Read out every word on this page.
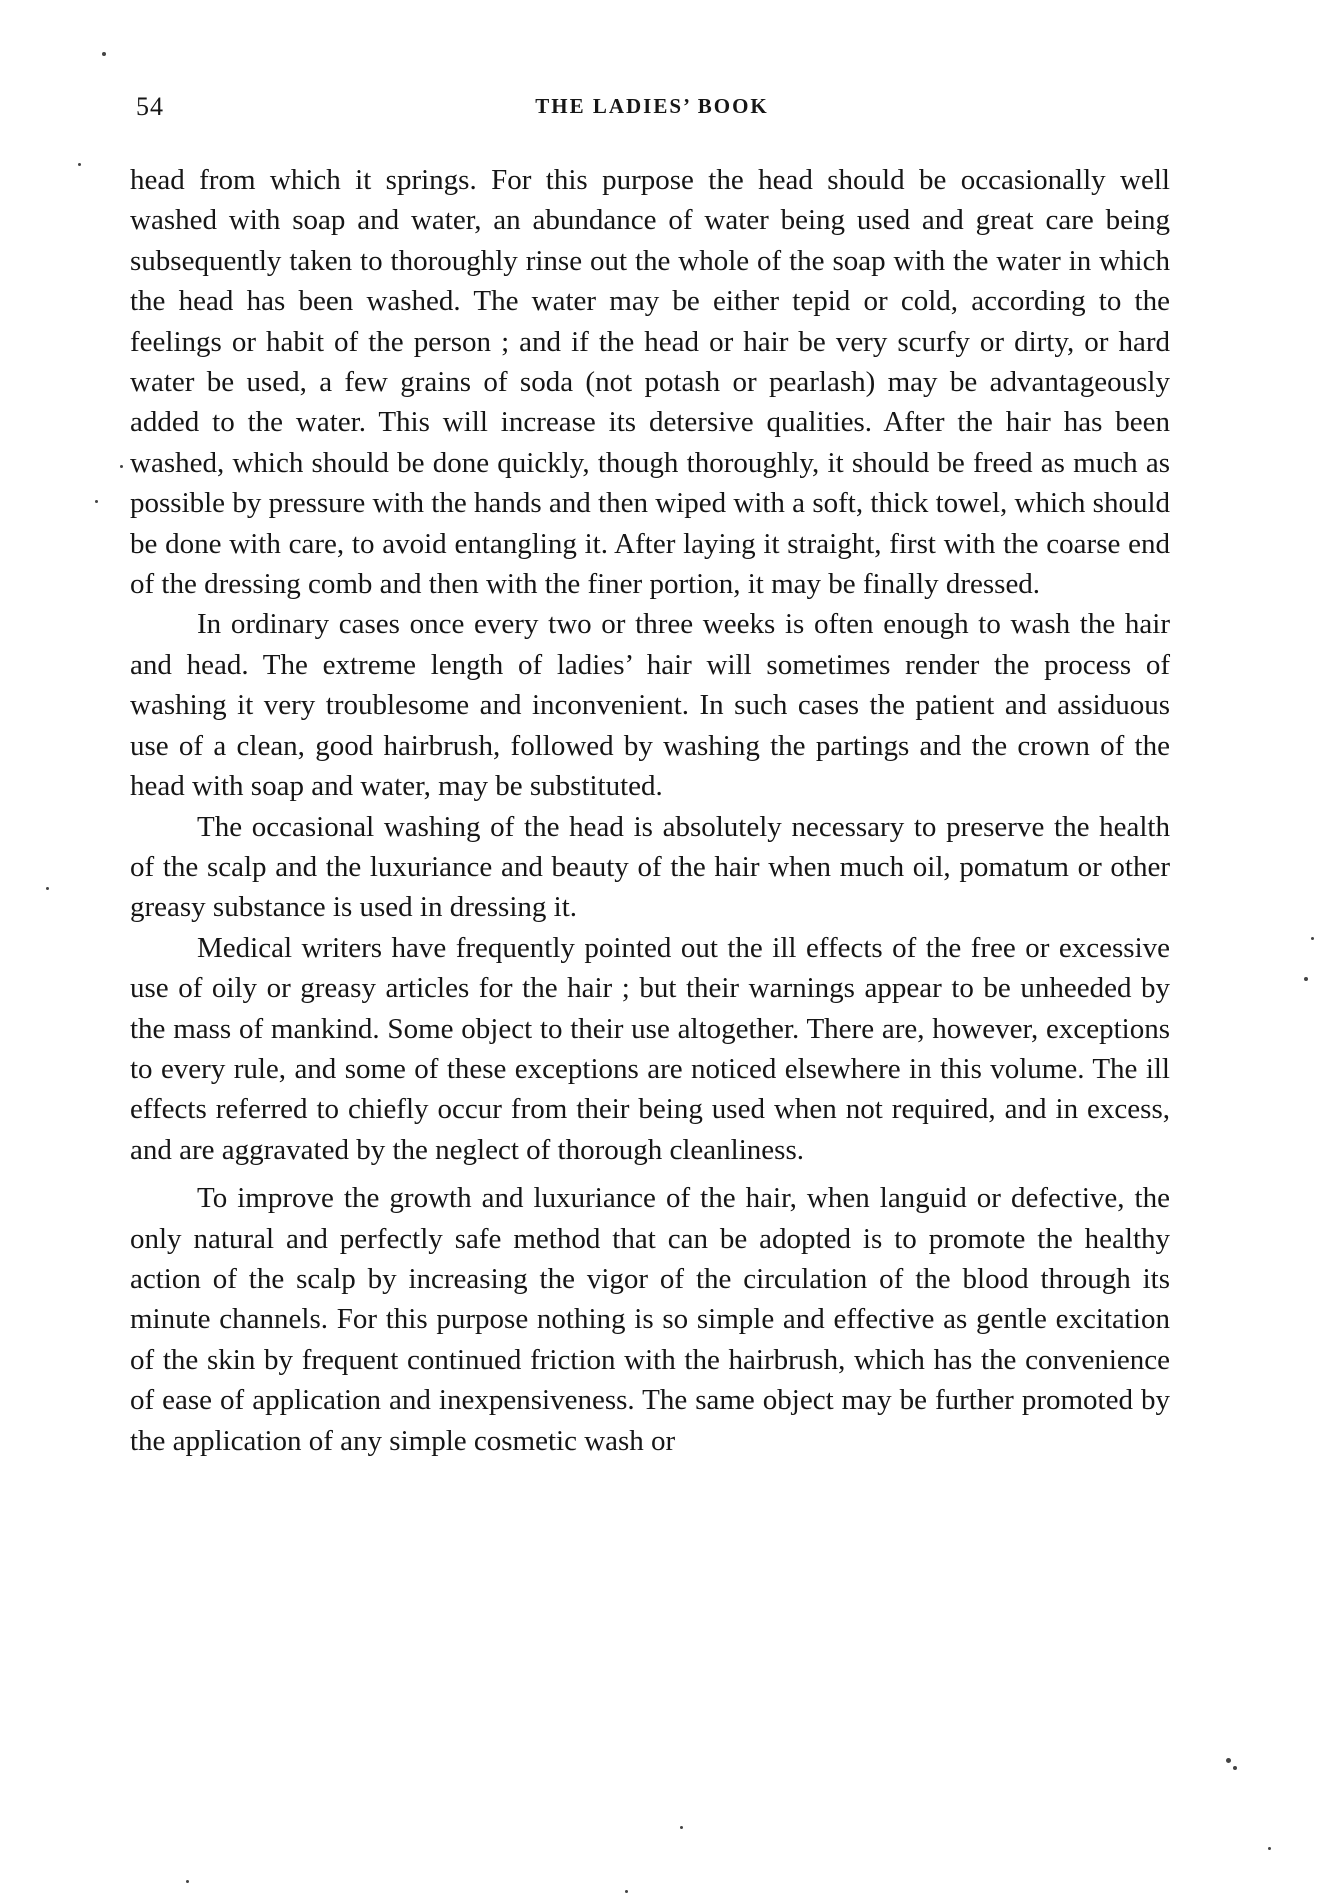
54	THE LADIES’ BOOK

head from which it springs. For this purpose the head should be occasionally well washed with soap and water, an abundance of water being used and great care being subsequently taken to thoroughly rinse out the whole of the soap with the water in which the head has been washed. The water may be either tepid or cold, according to the feelings or habit of the person ; and if the head or hair be very scurfy or dirty, or hard water be used, a few grains of soda (not potash or pearlash) may be advantageously added to the water. This will increase its detersive qualities. After the hair has been washed, which should be done quickly, though thoroughly, it should be freed as much as possible by pressure with the hands and then wiped with a soft, thick towel, which should be done with care, to avoid entangling it. After laying it straight, first with the coarse end of the dressing comb and then with the finer portion, it may be finally dressed.

In ordinary cases once every two or three weeks is often enough to wash the hair and head. The extreme length of ladies’ hair will sometimes render the process of washing it very troublesome and inconvenient. In such cases the patient and assiduous use of a clean, good hairbrush, followed by washing the partings and the crown of the head with soap and water, may be substituted.

The occasional washing of the head is absolutely necessary to preserve the health of the scalp and the luxuriance and beauty of the hair when much oil, pomatum or other greasy substance is used in dressing it.

Medical writers have frequently pointed out the ill effects of the free or excessive use of oily or greasy articles for the hair ; but their warnings appear to be unheeded by the mass of mankind. Some object to their use altogether. There are, however, exceptions to every rule, and some of these exceptions are noticed elsewhere in this volume. The ill effects referred to chiefly occur from their being used when not required, and in excess, and are aggravated by the neglect of thorough cleanliness.

To improve the growth and luxuriance of the hair, when languid or defective, the only natural and perfectly safe method that can be adopted is to promote the healthy action of the scalp by increasing the vigor of the circulation of the blood through its minute channels. For this purpose nothing is so simple and effective as gentle excitation of the skin by frequent continued friction with the hairbrush, which has the convenience of ease of application and inexpensiveness. The same object may be further promoted by the application of any simple cosmetic wash or
